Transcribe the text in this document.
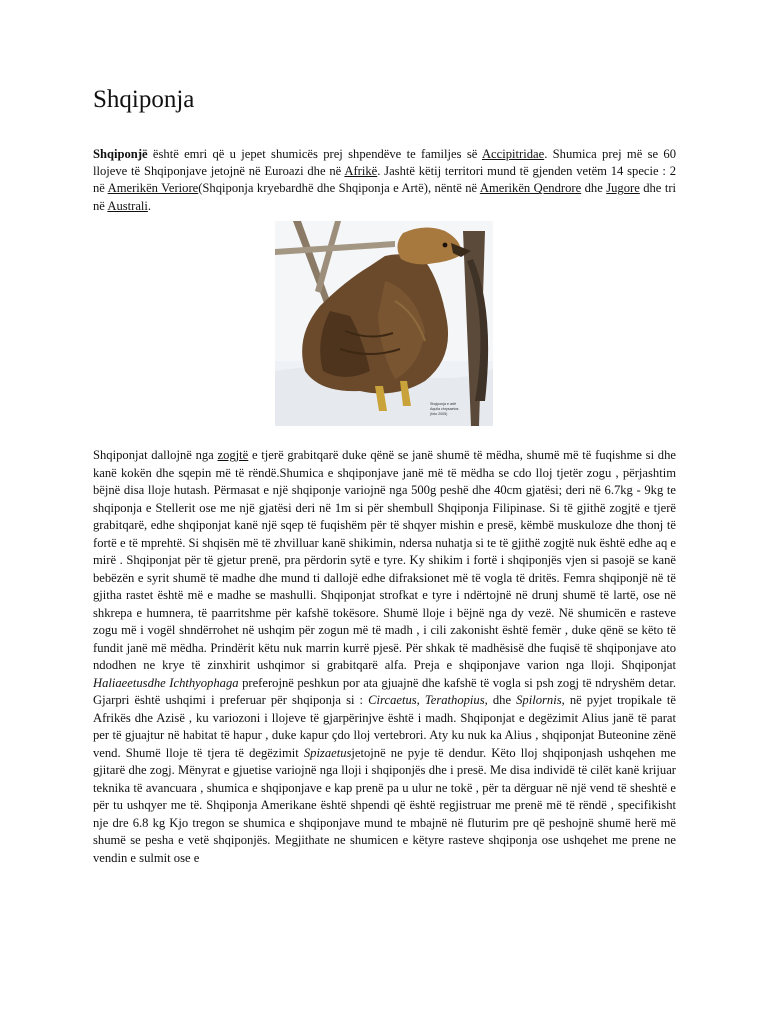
Shqiponja

Shqiponjë është emri që u jepet shumicës prej shpendëve te familjes së Accipitridae. Shumica prej më se 60 llojeve të Shqiponjave jetojnë në Euroazi dhe në Afrikë. Jashtë këtij territori mund të gjenden vetëm 14 specie : 2 në Amerikën Veriore(Shqiponja kryebardhë dhe Shqiponja e Artë), nëntë në Amerikën Qendrore dhe Jugore dhe tri në Australi.

Shqiponja e artë
Aquila chrysaetos
(foto 2005)

Shqiponjat dallojnë nga zogjtë e tjerë grabitqarë duke qënë se janë shumë të mëdha, shumë më të fuqishme si dhe kanë kokën dhe sqepin më të rëndë.Shumica e shqiponjave janë më të mëdha se cdo lloj tjetër zogu , përjashtim bëjnë disa lloje hutash. Përmasat e një shqiponje variojnë nga 500g peshë dhe 40cm gjatësi; deri në 6.7kg - 9kg te shqiponja e Stellerit ose me një gjatësi deri në 1m si për shembull Shqiponja Filipinase. Si të gjithë zogjtë e tjerë grabitqarë, edhe shqiponjat kanë një sqep të fuqishëm për të shqyer mishin e presë, këmbë muskuloze dhe thonj të fortë e të mprehtë. Si shqisën më të zhvilluar kanë shikimin, ndersa nuhatja si te të gjithë zogjtë nuk është edhe aq e mirë . Shqiponjat për të gjetur prenë, pra përdorin sytë e tyre. Ky shikim i fortë i shqiponjës vjen si pasojë se kanë bebëzën e syrit shumë të madhe dhe mund ti dallojë edhe difraksionet më të vogla të dritës. Femra shqiponjë në të gjitha rastet është më e madhe se mashulli. Shqiponjat strofkat e tyre i ndërtojnë në drunj shumë të lartë, ose në shkrepa e humnera, të paarritshme për kafshë tokësore. Shumë lloje i bëjnë nga dy vezë. Në shumicën e rasteve zogu më i vogël shndërrohet në ushqim për zogun më të madh , i cili zakonisht është femër , duke qënë se këto të fundit janë më mëdha. Prindërit këtu nuk marrin kurrë pjesë. Për shkak të madhësisë dhe fuqisë të shqiponjave ato ndodhen ne krye të zinxhirit ushqimor si grabitqarë alfa. Preja e shqiponjave varion nga lloji. Shqiponjat Haliaeetusdhe Ichthyophaga preferojnë peshkun por ata gjuajnë dhe kafshë të vogla si psh zogj të ndryshëm detar. Gjarpri është ushqimi i preferuar për shqiponja si : Circaetus, Terathopius, dhe Spilornis, në pyjet tropikale të Afrikës dhe Azisë , ku variozoni i llojeve të gjarpërinjve është i madh. Shqiponjat e degëzimit Alius janë të parat per të gjuajtur në habitat të hapur , duke kapur çdo lloj vertebrori. Aty ku nuk ka Alius , shqiponjat Buteonine zënë vend. Shumë lloje të tjera të degëzimit Spizaetusjetojnë ne pyje të dendur. Këto lloj shqiponjash ushqehen me gjitarë dhe zogj. Mënyrat e gjuetise variojnë nga lloji i shqiponjës dhe i presë. Me disa individë të cilët kanë krijuar teknika të avancuara , shumica e shqiponjave e kap prenë pa u ulur ne tokë , për ta dërguar në një vend të sheshtë e për tu ushqyer me të. Shqiponja Amerikane është shpendi që është regjistruar me prenë më të rëndë , specifikisht nje dre 6.8 kg Kjo tregon se shumica e shqiponjave mund te mbajnë në fluturim pre që peshojnë shumë herë më shumë se pesha e vetë shqiponjës. Megjithate ne shumicen e këtyre rasteve shqiponja ose ushqehet me prene ne vendin e sulmit ose e
